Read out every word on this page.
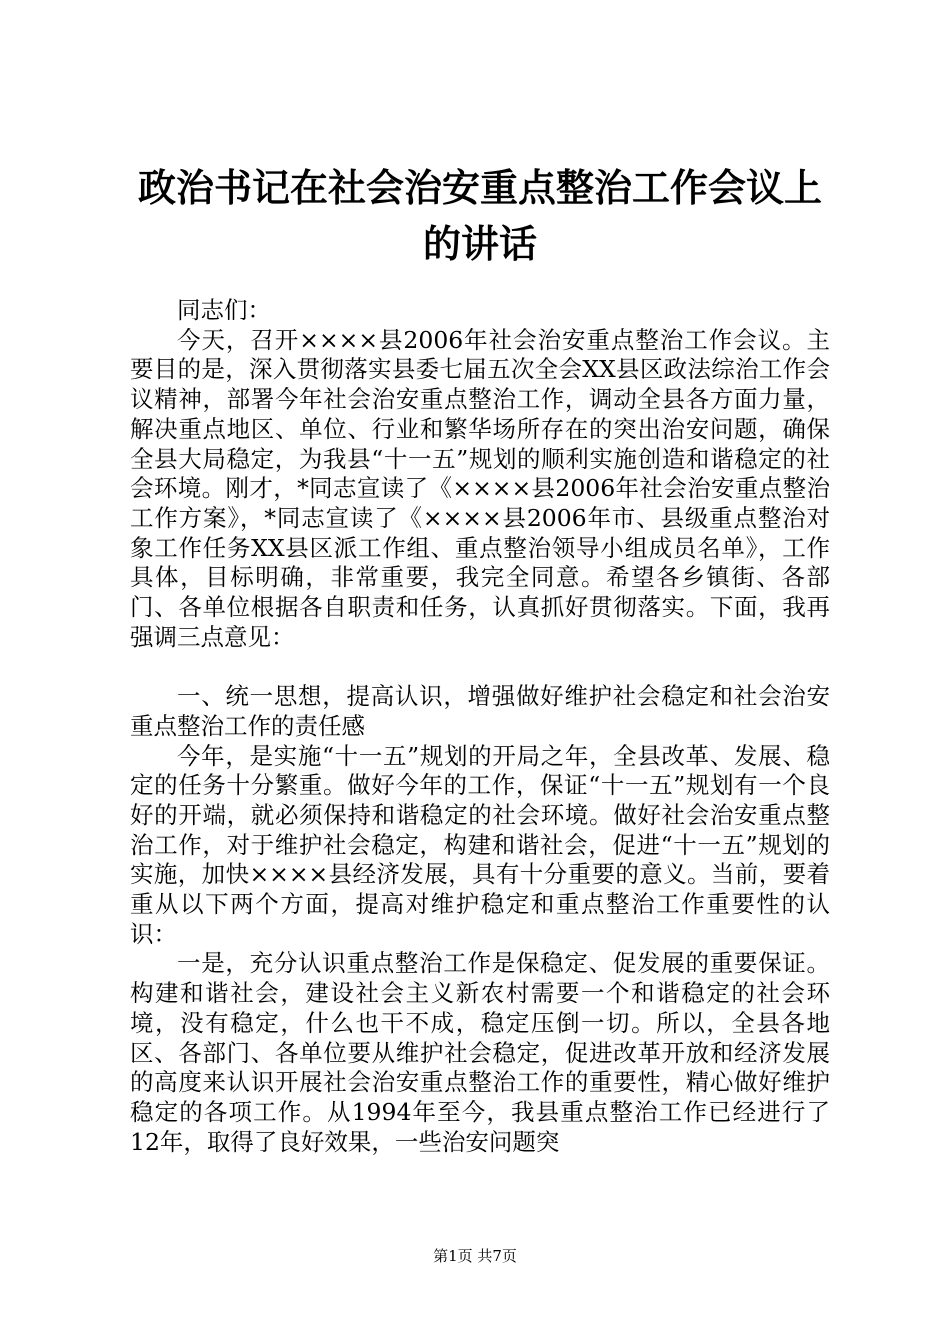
政治书记在社会治安重点整治工作会议上的讲话

同志们：

今天，召开××××县2006年社会治安重点整治工作会议。主要目的是，深入贯彻落实县委七届五次全会XX县区政法综治工作会议精神，部署今年社会治安重点整治工作，调动全县各方面力量，解决重点地区、单位、行业和繁华场所存在的突出治安问题，确保全县大局稳定，为我县“十一五”规划的顺利实施创造和谐稳定的社会环境。刚才，*同志宣读了《××××县2006年社会治安重点整治工作方案》，*同志宣读了《××××县2006年市、县级重点整治对象工作任务XX县区派工作组、重点整治领导小组成员名单》，工作具体，目标明确，非常重要，我完全同意。希望各乡镇街、各部门、各单位根据各自职责和任务，认真抓好贯彻落实。下面，我再强调三点意见：

一、统一思想，提高认识，增强做好维护社会稳定和社会治安重点整治工作的责任感

今年，是实施“十一五”规划的开局之年，全县改革、发展、稳定的任务十分繁重。做好今年的工作，保证“十一五”规划有一个良好的开端，就必须保持和谐稳定的社会环境。做好社会治安重点整治工作，对于维护社会稳定，构建和谐社会，促进“十一五”规划的实施，加快××××县经济发展，具有十分重要的意义。当前，要着重从以下两个方面，提高对维护稳定和重点整治工作重要性的认识：

一是，充分认识重点整治工作是保稳定、促发展的重要保证。构建和谐社会，建设社会主义新农村需要一个和谐稳定的社会环境，没有稳定，什么也干不成，稳定压倒一切。所以，全县各地区、各部门、各单位要从维护社会稳定，促进改革开放和经济发展的高度来认识开展社会治安重点整治工作的重要性，精心做好维护稳定的各项工作。从1994年至今，我县重点整治工作已经进行了12年，取得了良好效果，一些治安问题突

第1页 共7页
